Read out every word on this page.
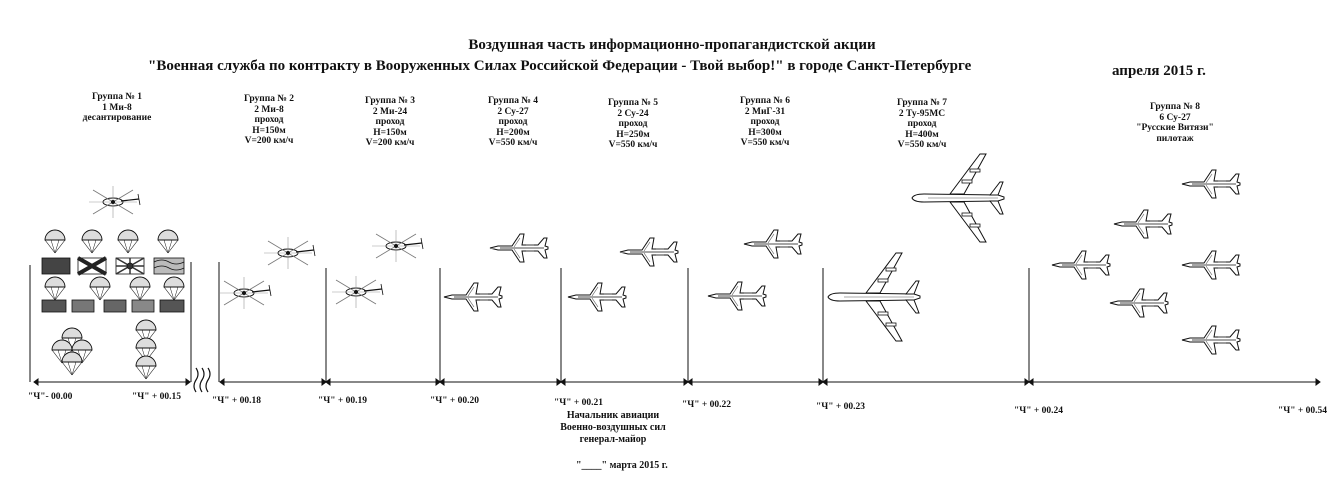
Воздушная часть информационно-пропагандистской акции
"Военная служба по контракту в Вооруженных Силах Российской Федерации - Твой выбор!" в городе Санкт-Петербурге	апреля 2015 г.
Группа № 1
1 Ми-8
десантирование
Группа № 2
2 Ми-8
проход
Н=150м
V=200 км/ч
Группа № 3
2 Ми-24
проход
Н=150м
V=200 км/ч
Группа № 4
2 Су-27
проход
Н=200м
V=550 км/ч
Группа № 5
2 Су-24
проход
Н=250м
V=550 км/ч
Группа № 6
2 МиГ-31
проход
Н=300м
V=550 км/ч
Группа № 7
2 Ту-95МС
проход
Н=400м
V=550 км/ч
Группа № 8
6 Су-27
"Русские Витязи"
пилотаж
"Ч"- 00.00	"Ч" + 00.15	"Ч" + 00.18	"Ч" + 00.19	"Ч" + 00.20	"Ч" + 00.21	"Ч" + 00.22	"Ч" + 00.23	"Ч" + 00.24	"Ч" + 00.54
Начальник авиации
Военно-воздушных сил
генерал-майор
"____" марта 2015 г.
